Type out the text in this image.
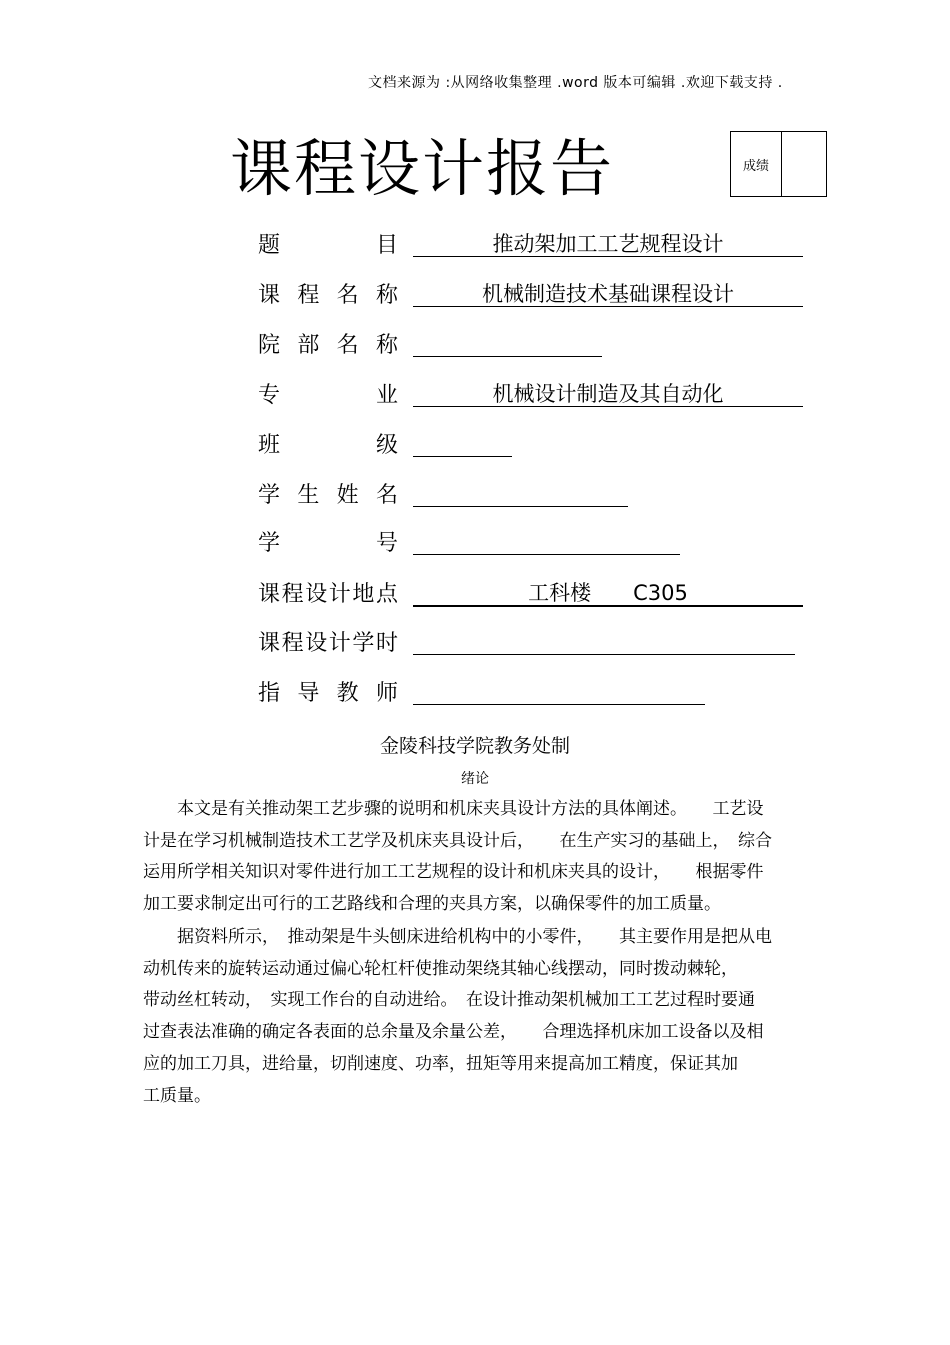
文档来源为 :从网络收集整理 .word 版本可编辑 .欢迎下载支持 .
课程设计报告	成绩
题	目	推动架加工工艺规程设计
课 程 名 称	机械制造技术基础课程设计
院 部 名 称
专	业	机械设计制造及其自动化
班	级
学 生 姓 名
学	号
课 程 设 计 地 点	工科楼　　C305
课 程 设 计 学 时
指 导 教 师
金陵科技学院教务处制
绪论
　　本文是有关推动架工艺步骤的说明和机床夹具设计方法的具体阐述。　　工艺设
计是在学习机械制造技术工艺学及机床夹具设计后，　　在生产实习的基础上，　综合
运用所学相关知识对零件进行加工工艺规程的设计和机床夹具的设计，　　根据零件
加工要求制定出可行的工艺路线和合理的夹具方案，以确保零件的加工质量。
　　据资料所示，　推动架是牛头刨床进给机构中的小零件，　　其主要作用是把从电
动机传来的旋转运动通过偏心轮杠杆使推动架绕其轴心线摆动，同时拨动棘轮，
带动丝杠转动，　实现工作台的自动进给。　在设计推动架机械加工工艺过程时要通
过查表法准确的确定各表面的总余量及余量公差，　　合理选择机床加工设备以及相
应的加工刀具，进给量，切削速度、功率，扭矩等用来提高加工精度，保证其加
工质量。
